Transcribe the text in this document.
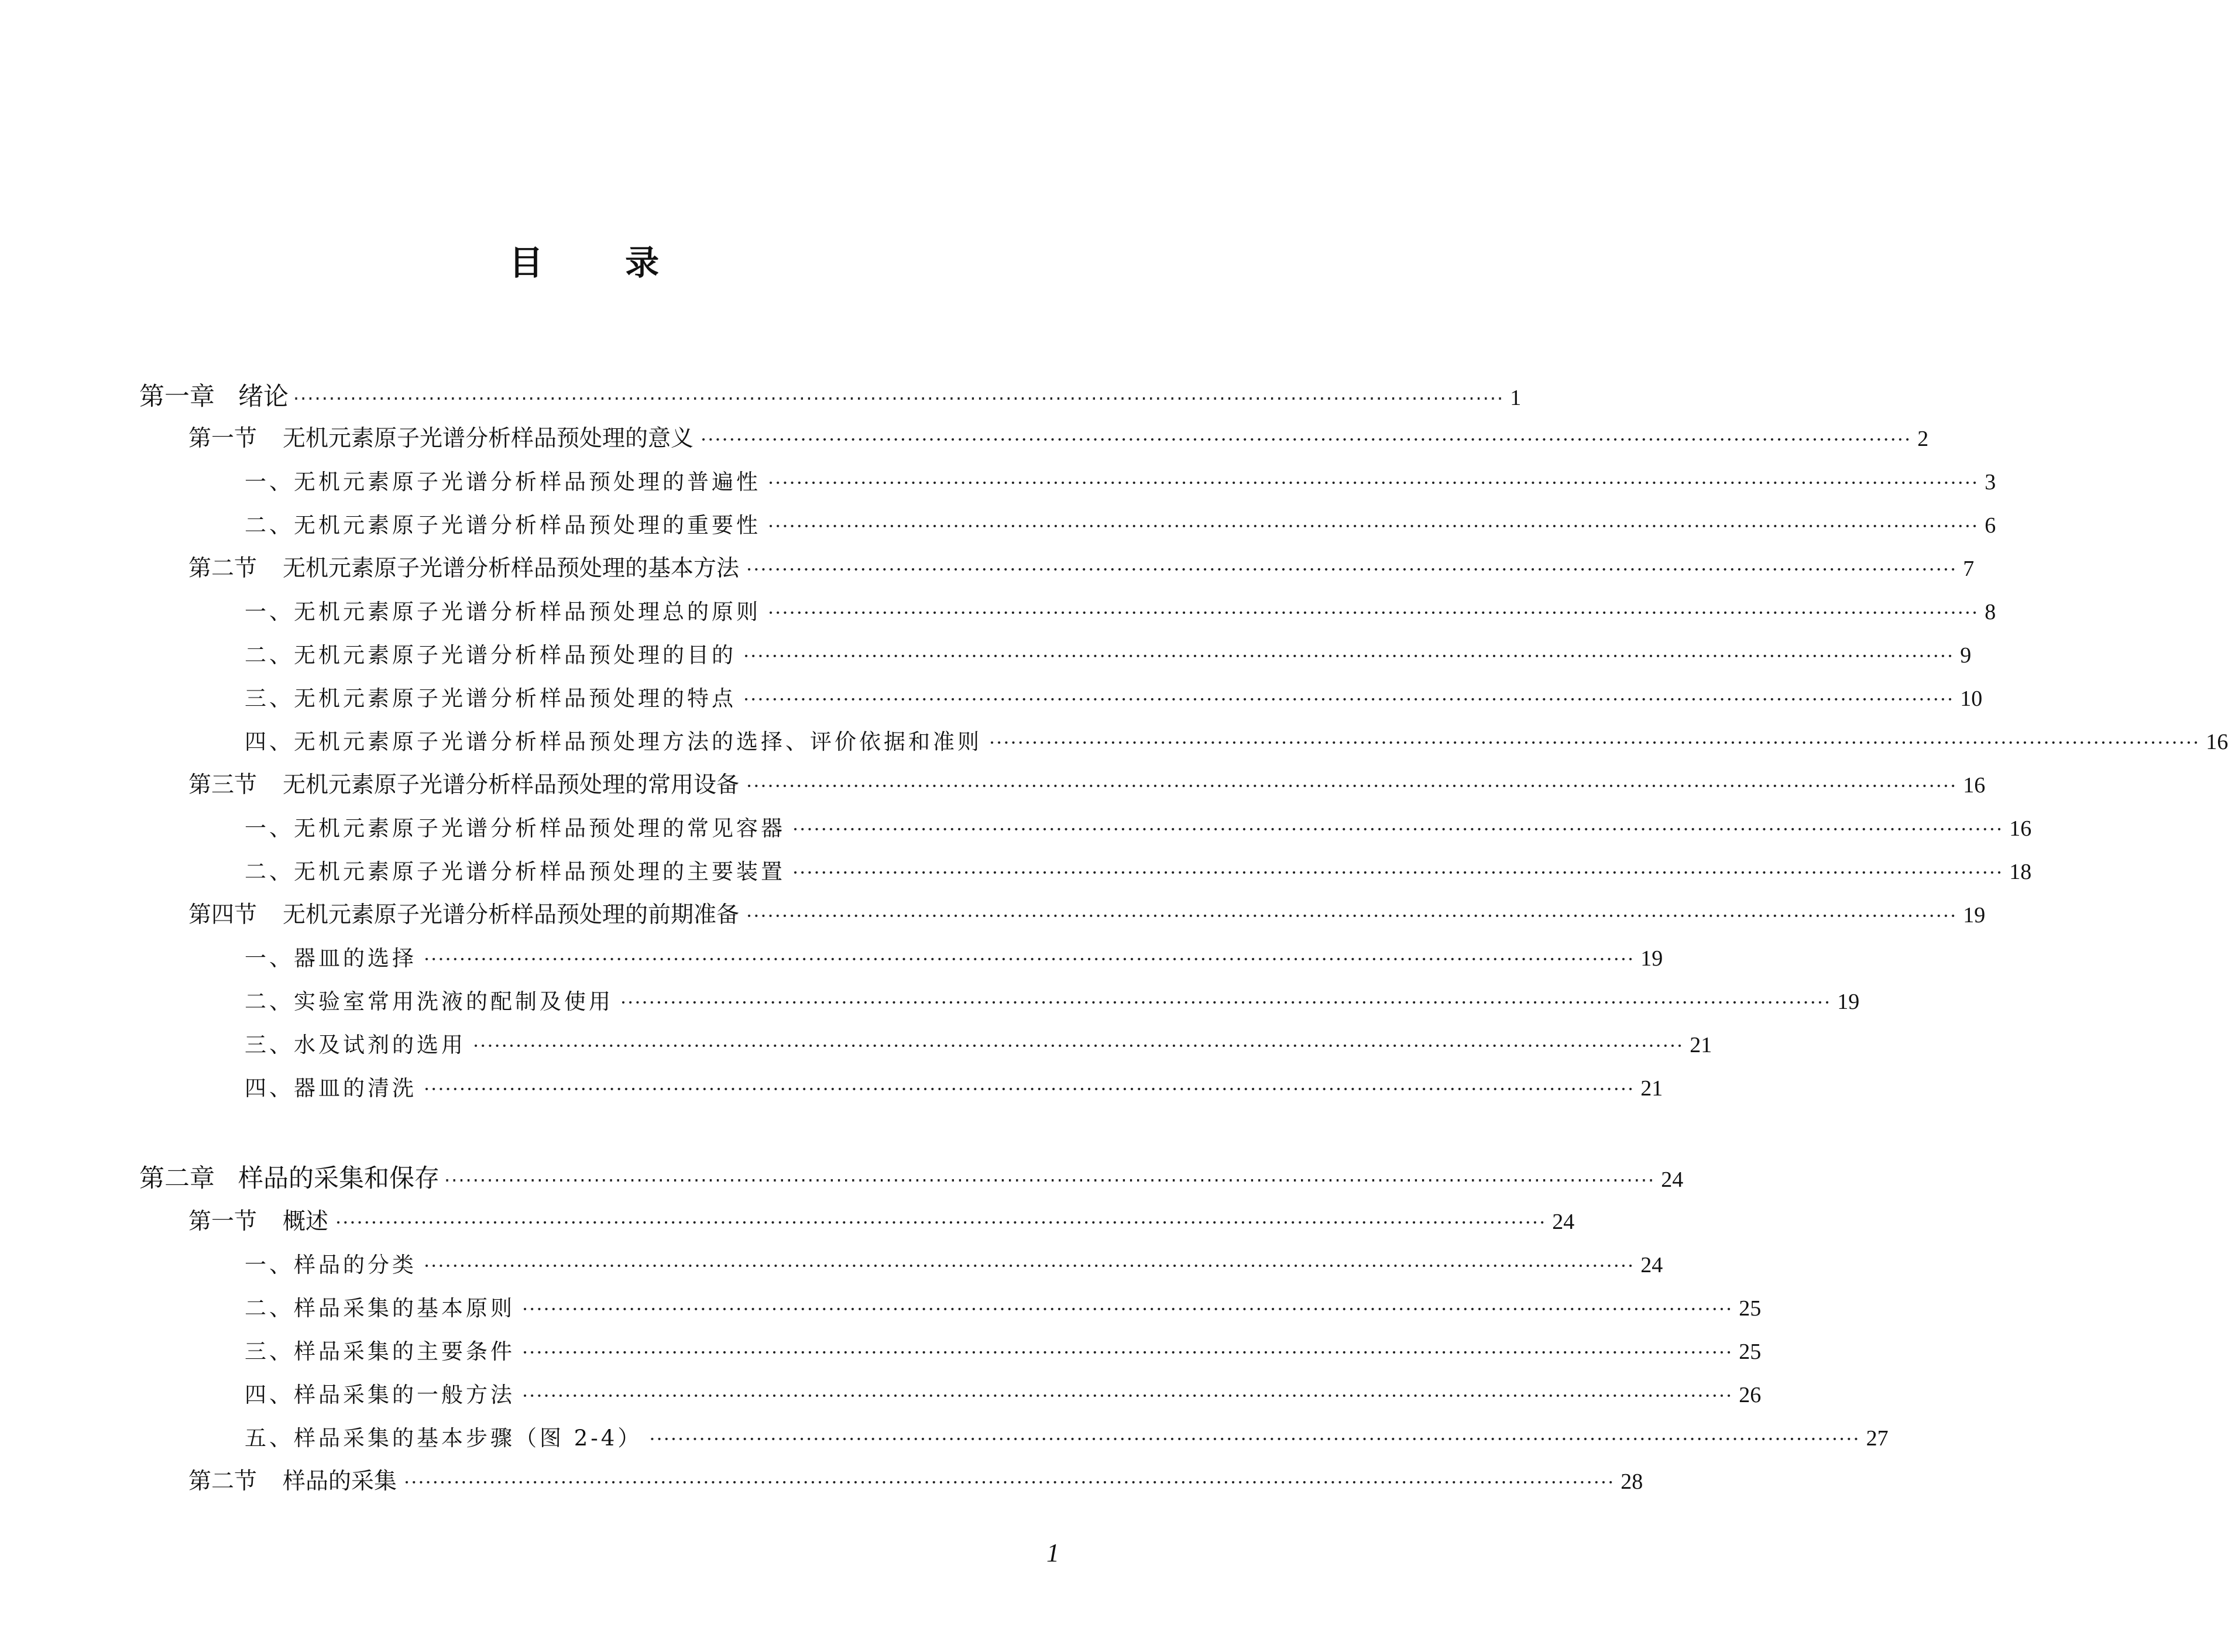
目 录
第一章 绪论 ·········································································································································································· 1
第一节 无机元素原子光谱分析样品预处理的意义 ·········································································································································································· 2
一、无机元素原子光谱分析样品预处理的普遍性 ·········································································································································································· 3
二、无机元素原子光谱分析样品预处理的重要性 ·········································································································································································· 6
第二节 无机元素原子光谱分析样品预处理的基本方法 ·········································································································································································· 7
一、无机元素原子光谱分析样品预处理总的原则 ·········································································································································································· 8
二、无机元素原子光谱分析样品预处理的目的 ·········································································································································································· 9
三、无机元素原子光谱分析样品预处理的特点 ·········································································································································································· 10
四、无机元素原子光谱分析样品预处理方法的选择、评价依据和准则 ·········································································································································································· 16
第三节 无机元素原子光谱分析样品预处理的常用设备 ·········································································································································································· 16
一、无机元素原子光谱分析样品预处理的常见容器 ·········································································································································································· 16
二、无机元素原子光谱分析样品预处理的主要装置 ·········································································································································································· 18
第四节 无机元素原子光谱分析样品预处理的前期准备 ·········································································································································································· 19
一、器皿的选择 ·········································································································································································· 19
二、实验室常用洗液的配制及使用 ·········································································································································································· 19
三、水及试剂的选用 ·········································································································································································· 21
四、器皿的清洗 ·········································································································································································· 21
第二章 样品的采集和保存 ·········································································································································································· 24
第一节 概述 ·········································································································································································· 24
一、样品的分类 ·········································································································································································· 24
二、样品采集的基本原则 ·········································································································································································· 25
三、样品采集的主要条件 ·········································································································································································· 25
四、样品采集的一般方法 ·········································································································································································· 26
五、样品采集的基本步骤（图 2-4） ·········································································································································································· 27
第二节 样品的采集 ·········································································································································································· 28
1
